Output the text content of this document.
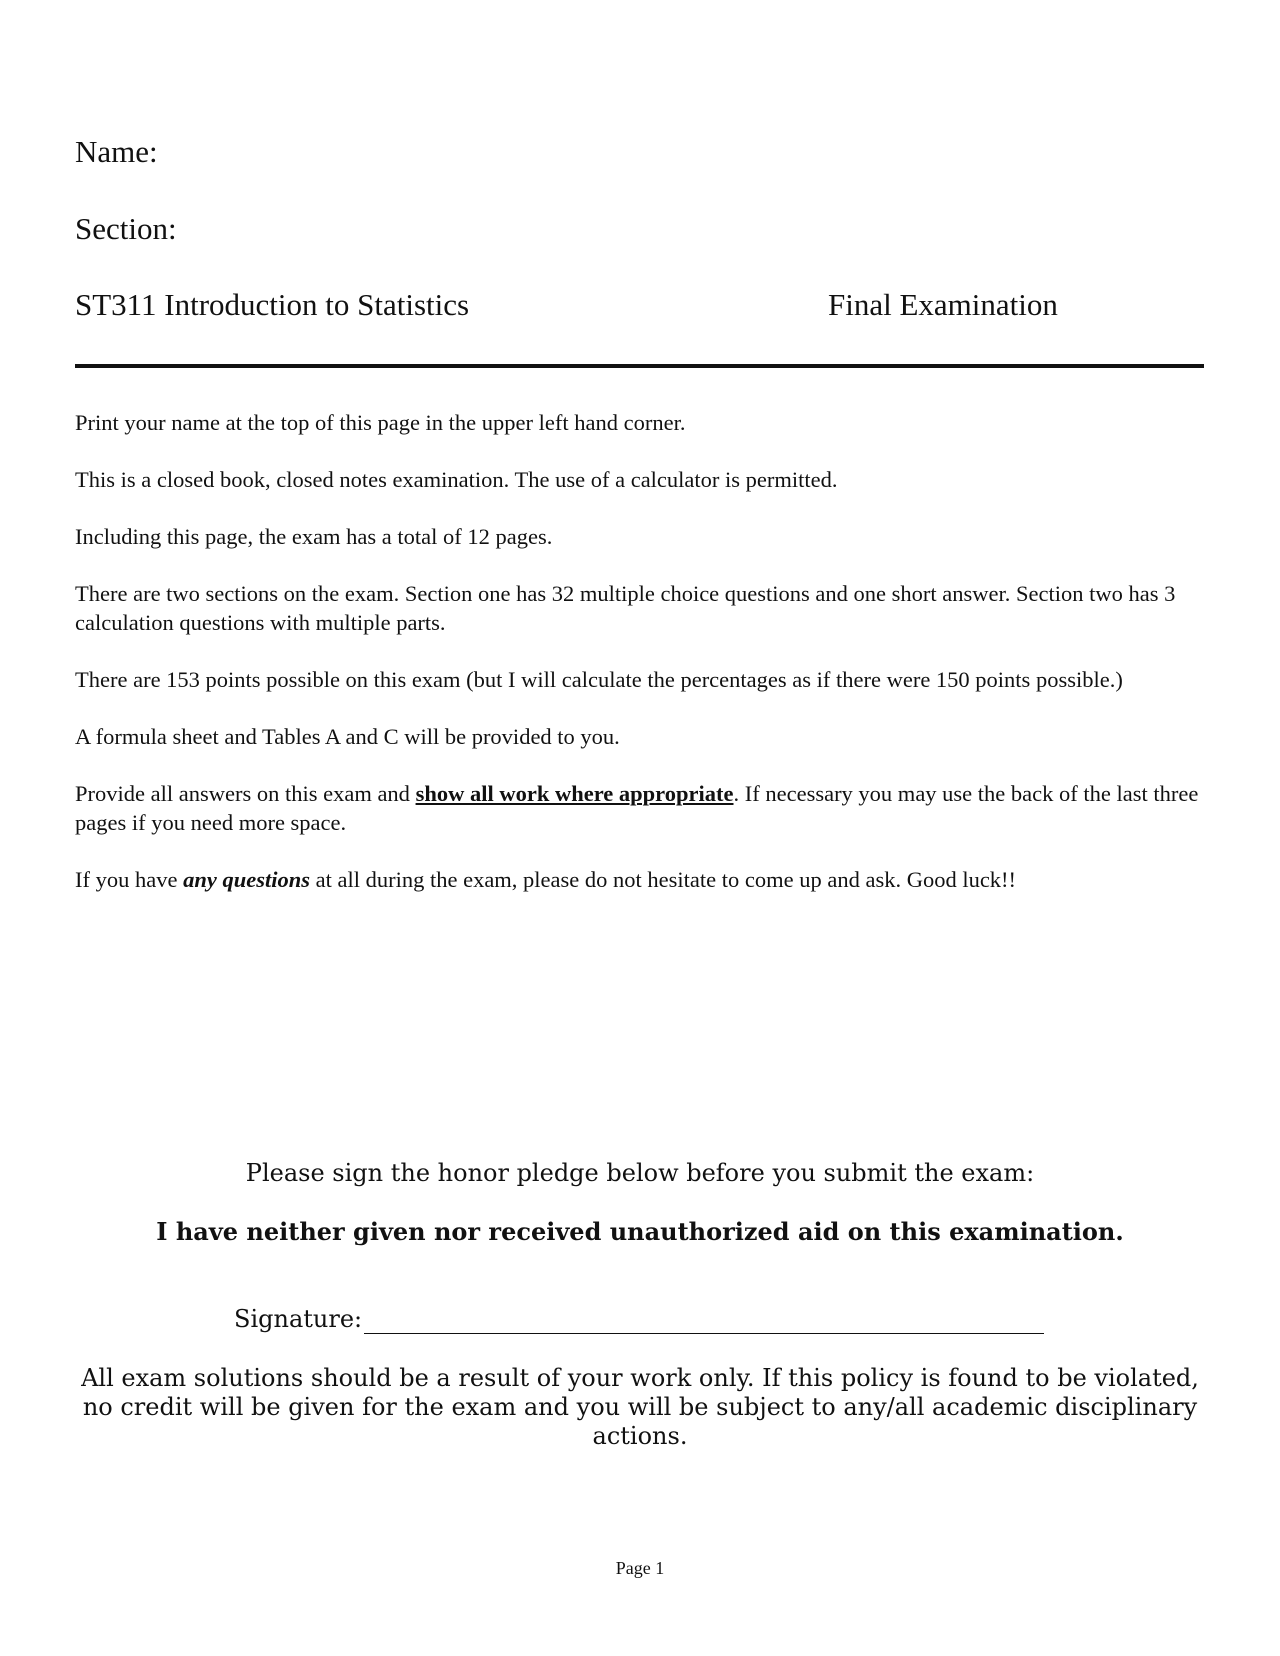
Name:
Section:
ST311 Introduction to Statistics	Final Examination

Print your name at the top of this page in the upper left hand corner.

This is a closed book, closed notes examination. The use of a calculator is permitted.

Including this page, the exam has a total of 12 pages.

There are two sections on the exam. Section one has 32 multiple choice questions and one short answer. Section two has 3 calculation questions with multiple parts.

There are 153 points possible on this exam (but I will calculate the percentages as if there were 150 points possible.)

A formula sheet and Tables A and C will be provided to you.

Provide all answers on this exam and show all work where appropriate. If necessary you may use the back of the last three pages if you need more space.

If you have any questions at all during the exam, please do not hesitate to come up and ask. Good luck!!

Please sign the honor pledge below before you submit the exam:
I have neither given nor received unauthorized aid on this examination.
Signature:
All exam solutions should be a result of your work only. If this policy is found to be violated, no credit will be given for the exam and you will be subject to any/all academic disciplinary actions.
Page 1
